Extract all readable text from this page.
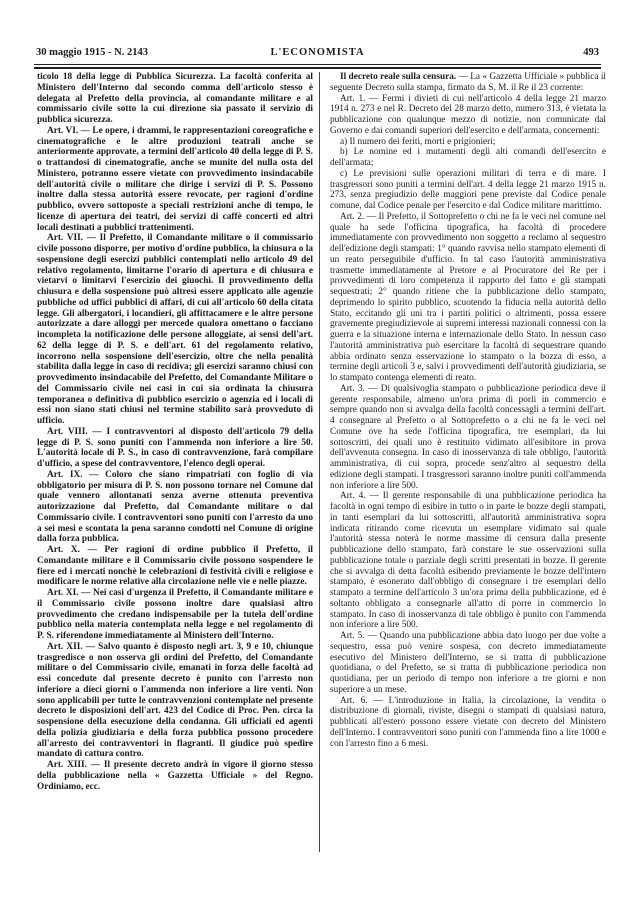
30 maggio 1915 - N. 2143	L'ECONOMISTA	493

ticolo 18 della legge di Pubblica Sicurezza. La facoltà conferita al Ministero dell'Interno dal secondo comma dell'articolo stesso è delegata al Prefetto della provincia, al comandante militare e al commissario civile sotto la cui direzione sia passato il servizio di pubblica sicurezza.

Art. VI. — Le opere, i drammi, le rappresentazioni coreografiche e cinematografiche e le altre produzioni teatrali anche se anteriormente approvate, a termini dell'articolo 40 della legge di P. S. o trattandosi di cinematografie, anche se munite del nulla osta del Ministero, potranno essere vietate con provvedimento insindacabile dell'autorità civile o militare che dirige i servizi di P. S. Possono inoltre dalla stessa autorità essere revocate, per ragioni d'ordine pubblico, ovvero sottoposte a speciali restrizioni anche di tempo, le licenze di apertura dei teatri, dei servizi di caffè concerti ed altri locali destinati a pubblici trattenimenti.

Art. VII. — Il Prefetto, il Comandante militare o il commissario civile possono disporre, per motivo d'ordine pubblico, la chiusura o la sospensione degli esercizi pubblici contemplati nello articolo 49 del relativo regolamento, limitarne l'orario di apertura e di chiusura e vietarvi o limitarvi l'esercizio dei giuochi. Il provvedimento della chiusura e della sospensione può altresì essere applicato alle agenzie pubbliche od uffici pubblici di affari, di cui all'articolo 60 della citata legge. Gli albergatori, i locandieri, gli affittacamere e le altre persone autorizzate a dare alloggi per mercede qualora omettano o facciano incompleta la notificazione delle persone alloggiate, ai sensi dell'art. 62 della legge di P. S. e dell'art. 61 del regolamento relativo, incorrono nella sospensione dell'esercizio, oltre che nella penalità stabilita dalla legge in caso di recidiva; gli esercizi saranno chiusi con provvedimento insindacabile del Prefetto, del Comandante Militare o del Commissario civile nei casi in cui sia ordinata la chiusura temporanea o definitiva di pubblico esercizio o agenzia ed i locali di essi non siano stati chiusi nel termine stabilito sarà provveduto di ufficio.

Art. VIII. — I contravventori al disposto dell'articolo 79 della legge di P. S. sono puniti con l'ammenda non inferiore a lire 50. L'autorità locale di P. S., in caso di contravvenzione, farà compilare d'ufficio, a spese del contravventore, l'elenco degli operai.

Art. IX. — Coloro che siano rimpatriati con foglio di via obbligatorio per misura di P. S. non possono tornare nel Comune dal quale vennero allontanati senza averne ottenuta preventiva autorizzazione dal Prefetto, dal Comandante militare o dal Commissario civile. I contravventori sono puniti con l'arresto da uno a sei mesi e scontata la pena saranno condotti nel Comune di origine dalla forza pubblica.

Art. X. — Per ragioni di ordine pubblico il Prefetto, il Comandante militare e il Commissario civile possono sospendere le fiere ed i mercati nonchè le celebrazioni di festività civili e religiose e modificare le norme relative alla circolazione nelle vie e nelle piazze.

Art. XI. — Nei casi d'urgenza il Prefetto, il Comandante militare e il Commissario civile possono inoltre dare qualsiasi altro provvedimento che credano indispensabile per la tutela dell'ordine pubblico nella materia contemplata nella legge e nel regolamento di P. S. riferendone immediatamente al Ministero dell'Interno.

Art. XII. — Salvo quanto è disposto negli art. 3, 9 e 10, chiunque trasgredisce o non osserva gli ordini del Prefetto, del Comandante militare o del Commissario civile, emanati in forza delle facoltà ad essi concedute dal presente decreto è punito con l'arresto non inferiore a dieci giorni o l'ammenda non inferiore a lire venti. Non sono applicabili per tutte le contravvenzioni contemplate nel presente decreto le disposizioni dell'art. 423 del Codice di Proc. Pen. circa la sospensione della esecuzione della condanna. Gli ufficiali ed agenti della polizia giudiziaria e della forza pubblica possono procedere all'arresto dei contravventori in flagranti. Il giudice può spedire mandato di cattura contro.

Art. XIII. — Il presente decreto andrà in vigore il giorno stesso della pubblicazione nella « Gazzetta Ufficiale » del Regno. Ordiniamo, ecc.

Il decreto reale sulla censura. — La « Gazzetta Ufficiale » pubblica il seguente Decreto sulla stampa, firmato da S. M. il Re il 23 corrente:

Art. 1. — Fermi i divieti di cui nell'articolo 4 della legge 21 marzo 1914 n. 273 e nel R. Decreto del 28 marzo detto, numero 313, è vietata la pubblicazione con qualunque mezzo di notizie, non comunicate dal Governo e dai comandi superiori dell'esercito e dell'armata, concernenti:

a) Il numero dei feriti, morti e prigionieri;

b) Le nomine ed i mutamenti degli alti comandi dell'esercito e dell'armata;

c) Le previsioni sulle operazioni militari di terra e di mare. I trasgressori sono puniti a termini dell'art. 4 della legge 21 marzo 1915 n. 273, senza pregiudizio delle maggiori pene previste dal Codice penale comune, dal Codice penale per l'esercito e dal Codice militare marittimo.

Art. 2. — Il Prefetto, il Sottoprefetto o chi ne fa le veci nel comune nel quale ha sede l'officina tipografica, ha facoltà di procedere immediatamente con provvedimento non soggetto a reclamo al sequestro dell'edizione degli stampati: 1° quando ravvisa nello stampato elementi di un reato perseguibile d'ufficio. In tal caso l'autorità amministrativa trasmette immediatamente al Pretore e al Procuratore del Re per i provvedimenti di loro competenza il rapporto del fatto e gli stampati sequestrati; 2° quando ritiene che la pubblicazione dello stampato, deprimendo lo spirito pubblico, scuotendo la fiducia nella autorità dello Stato, eccitando gli uni tra i partiti politici o altrimenti, possa essere gravemente pregiudizievole ai supremi interessi nazionali connessi con la guerra e la situazione interna e internazionale dello Stato. In nessun caso l'autorità amministrativa può esercitare la facoltà di sequestrare quando abbia ordinato senza osservazione lo stampato o la bozza di esso, a termine degli articoli 3 e, salvi i provvedimenti dell'autorità giudiziaria, se lo stampato contenga elementi di reato.

Art. 3. — Di qualsivoglia stampato o pubblicazione periodica deve il gerente responsabile, almeno un'ora prima di porli in commercio e sempre quando non si avvalga della facoltà concessagli a termini dell'art. 4 consegnare al Prefetto o al Sottoprefetto o a chi ne fa le veci nel Comune ove ha sede l'officina tipografica, tre esemplari, da lui sottoscritti, dei quali uno è restituito vidimato all'esibitore in prova dell'avvenuta consegna. In caso di inosservanza di tale obbligo, l'autorità amministrativa, di cui sopra, procede senz'altro al sequestro della edizione degli stampati. I trasgressori saranno inoltre puniti coll'ammenda non inferiore a lire 500.

Art. 4. — Il gerente responsabile di una pubblicazione periodica ha facoltà in ogni tempo di esibire in tutto o in parte le bozze degli stampati, in tanti esemplari da lui sottoscritti, all'autorità amministrativa sopra indicata ritirando come ricevuta un esemplare vidimato sul quale l'autorità stessa noterà le norme massime di censura dalla presente pubblicazione dello stampato, farà constare le sue osservazioni sulla pubblicazione totale o parziale degli scritti presentati in bozze. Il gerente che si avvalga di detta facoltà esibendo previamente le bozze dell'intero stampato, è esonerato dall'obbligo di consegnare i tre esemplari dello stampato a termine dell'articolo 3 un'ora prima della pubblicazione, ed è soltanto obbligato a consegnarle all'atto di porre in commercio lo stampato. In caso di inosservanza di tale obbligo è punito con l'ammenda non inferiore a lire 500.

Art. 5. — Quando una pubblicazione abbia dato luogo per due volte a sequestro, essa può venire sospesa, con decreto immediatamente esecutivo del Ministero dell'Interno, se si tratta di pubblicazione quotidiana, o del Prefetto, se si tratta di pubblicazione periodica non quotidiana, per un periodo di tempo non inferiore a tre giorni e non superiore a un mese.

Art. 6. — L'introduzione in Italia, la circolazione, la vendita o distribuzione di giornali, riviste, disegni o stampati di qualsiasi natura, pubblicati all'estero possono essere vietate con decreto del Ministero dell'Interno. I contravventori sono puniti con l'ammenda fino a lire 1000 e con l'arresto fino a 6 mesi.
